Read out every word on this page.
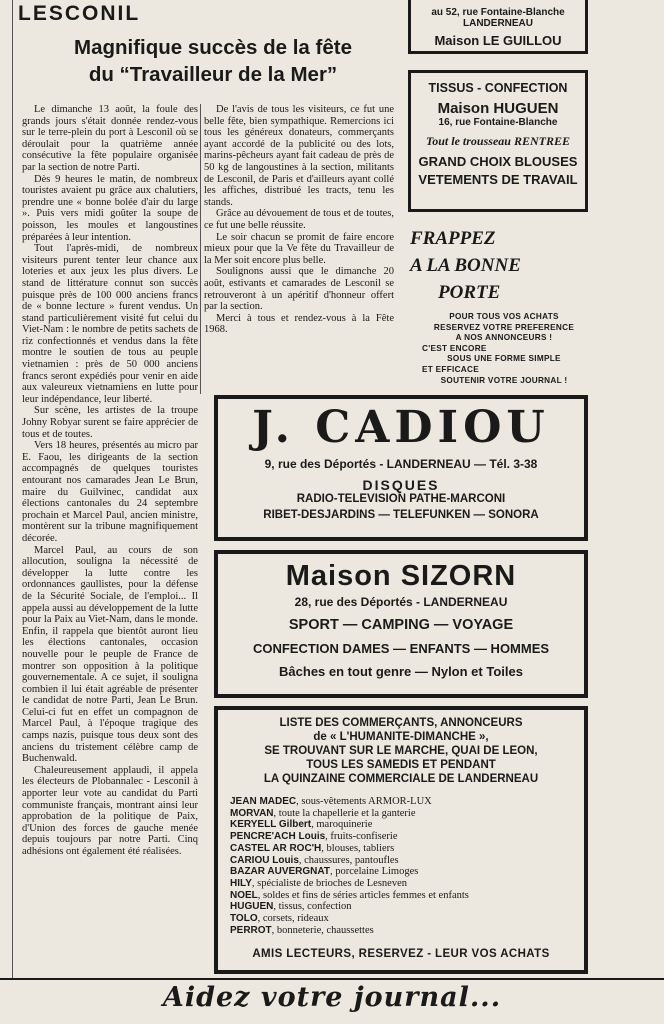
LESCONIL
Magnifique succès de la fête
du “Travailleur de la Mer”

Le dimanche 13 août, la foule des grands jours s'était donnée rendez-vous sur le terre-plein du port à Lesconil où se déroulait pour la quatrième année consécutive la fête populaire organisée par la section de notre Parti.

Dès 9 heures le matin, de nombreux touristes avaient pu grâce aux chalutiers, prendre une « bonne bolée d'air du large ». Puis vers midi goûter la soupe de poisson, les moules et langoustines préparées à leur intention.

Tout l'après-midi, de nombreux visiteurs purent tenter leur chance aux loteries et aux jeux les plus divers. Le stand de littérature connut son succès puisque près de 100 000 anciens francs de « bonne lecture » furent vendus. Un stand particulièrement visité fut celui du Viet-Nam : le nombre de petits sachets de riz confectionnés et vendus dans la fête montre le soutien de tous au peuple vietnamien : près de 50 000 anciens francs seront expédiés pour venir en aide aux valeureux vietnamiens en lutte pour leur indépendance, leur liberté.

Sur scène, les artistes de la troupe Johny Robyar surent se faire apprécier de tous et de toutes.

Vers 18 heures, présentés au micro par E. Faou, les dirigeants de la section accompagnés de quelques touristes entourant nos camarades Jean Le Brun, maire du Guilvinec, candidat aux élections cantonales du 24 septembre prochain et Marcel Paul, ancien ministre, montèrent sur la tribune magnifiquement décorée.

Marcel Paul, au cours de son allocution, souligna la nécessité de développer la lutte contre les ordonnances gaullistes, pour la défense de la Sécurité Sociale, de l'emploi... Il appela aussi au développement de la lutte pour la Paix au Viet-Nam, dans le monde. Enfin, il rappela que bientôt auront lieu les élections cantonales, occasion nouvelle pour le peuple de France de montrer son opposition à la politique gouvernementale. A ce sujet, il souligna combien il lui était agréable de présenter le candidat de notre Parti, Jean Le Brun. Celui-ci fut en effet un compagnon de Marcel Paul, à l'époque tragique des camps nazis, puisque tous deux sont des anciens du tristement célèbre camp de Buchenwald.

Chaleureusement applaudi, il appela les électeurs de Plobannalec - Lesconil à apporter leur vote au candidat du Parti communiste français, montrant ainsi leur approbation de la politique de Paix, d'Union des forces de gauche menée depuis toujours par notre Parti. Cinq adhésions ont également été réalisées.

De l'avis de tous les visiteurs, ce fut une belle fête, bien sympathique. Remercions ici tous les généreux donateurs, commerçants ayant accordé de la publicité ou des lots, marins-pêcheurs ayant fait cadeau de près de 50 kg de langoustines à la section, militants de Lesconil, de Paris et d'ailleurs ayant collé les affiches, distribué les tracts, tenu les stands.

Grâce au dévouement de tous et de toutes, ce fut une belle réussite.

Le soir chacun se promit de faire encore mieux pour que la Ve fête du Travailleur de la Mer soit encore plus belle.

Soulignons aussi que le dimanche 20 août, estivants et camarades de Lesconil se retrouveront à un apéritif d'honneur offert par la section.

Merci à tous et rendez-vous à la Fête 1968.

au 52, rue Fontaine-Blanche
LANDERNEAU
Maison LE GUILLOU
TISSUS - CONFECTION
Maison HUGUEN
16, rue Fontaine-Blanche
Tout le trousseau RENTREE
GRAND CHOIX BLOUSES
VETEMENTS DE TRAVAIL
FRAPPEZ
A LA BONNE
PORTE
POUR TOUS VOS ACHATS
RESERVEZ VOTRE PREFERENCE
A NOS ANNONCEURS !
C'EST ENCORE
SOUS UNE FORME SIMPLE
ET EFFICACE
SOUTENIR VOTRE JOURNAL !
J. CADIOU
9, rue des Déportés - LANDERNEAU — Tél. 3-38
DISQUES
RADIO-TELEVISION PATHE-MARCONI
RIBET-DESJARDINS — TELEFUNKEN — SONORA
Maison SIZORN
28, rue des Déportés - LANDERNEAU
SPORT — CAMPING — VOYAGE
CONFECTION DAMES — ENFANTS — HOMMES
Bâches en tout genre — Nylon et Toiles
LISTE DES COMMERÇANTS, ANNONCEURS
de « L'HUMANITE-DIMANCHE »,
SE TROUVANT SUR LE MARCHE, QUAI DE LEON,
TOUS LES SAMEDIS ET PENDANT
LA QUINZAINE COMMERCIALE DE LANDERNEAU
JEAN MADEC, sous-vêtements ARMOR-LUX
MORVAN, toute la chapellerie et la ganterie
KERYELL Gilbert, maroquinerie
PENCRE'ACH Louis, fruits-confiserie
CASTEL AR ROC'H, blouses, tabliers
CARIOU Louis, chaussures, pantoufles
BAZAR AUVERGNAT, porcelaine Limoges
HILY, spécialiste de brioches de Lesneven
NOEL, soldes et fins de séries articles femmes et enfants
HUGUEN, tissus, confection
TOLO, corsets, rideaux
PERROT, bonneterie, chaussettes
AMIS LECTEURS, RESERVEZ - LEUR VOS ACHATS
Aidez votre journal...
